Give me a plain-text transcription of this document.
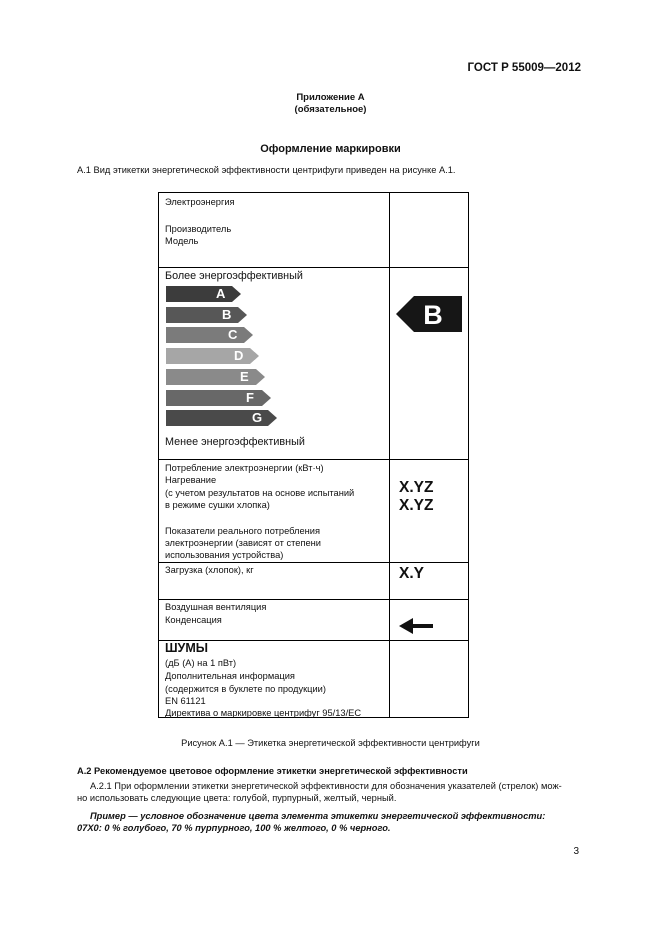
ГОСТ Р 55009—2012
Приложение А
(обязательное)
Оформление маркировки
А.1 Вид этикетки энергетической эффективности центрифуги приведен на рисунке А.1.
Электроэнергия
Производитель
Модель
Более энергоэффективный
A
B
C
D
E
F
G
Менее энергоэффективный
B
Потребление электроэнергии (кВт·ч)
Нагревание
(с учетом результатов на основе испытаний
в режиме сушки хлопка)
Показатели реального потребления
электроэнергии (зависят от степени
использования устройства)
X.YZ
X.YZ
Загрузка (хлопок), кг	X.Y
Воздушная вентиляция
Конденсация
ШУМЫ
(дБ (А) на 1 пВт)
Дополнительная информация
(содержится в буклете по продукции)
EN 61121
Директива о маркировке центрифуг 95/13/ЕС
Рисунок А.1 — Этикетка энергетической эффективности центрифуги
А.2 Рекомендуемое цветовое оформление этикетки энергетической эффективности
А.2.1 При оформлении этикетки энергетической эффективности для обозначения указателей (стрелок) мож-
но использовать следующие цвета: голубой, пурпурный, желтый, черный.
Пример — условное обозначение цвета элемента этикетки энергетической эффективности:
07X0: 0 % голубого, 70 % пурпурного, 100 % желтого, 0 % черного.
3
